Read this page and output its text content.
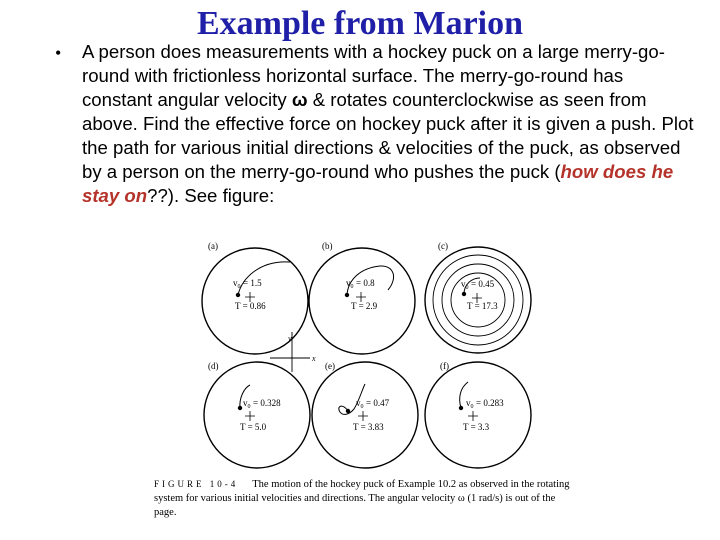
Example from Marion
• A person does measurements with a hockey puck on a large merry-go-round with frictionless horizontal surface. The merry-go-round has constant angular velocity ω & rotates counterclockwise as seen from above. Find the effective force on hockey puck after it is given a push. Plot the path for various initial directions & velocities of the puck, as observed by a person on the merry-go-round who pushes the puck (how does he stay on??). See figure:
(a)
$v_0 = 1.5$
T = 0.86
(b)
$v_0 = 0.8$
T = 2.9
(c)
$v_0 = 0.45$
T = 17.3
y
x
(d)
$v_0 = 0.328$
T = 5.0
(e)
$v_0 = 0.47$
T = 3.83
(f)
$v_0 = 0.283$
T = 3.3
FIGURE 10-4 The motion of the hockey puck of Example 10.2 as observed in the rotating system for various initial velocities and directions. The angular velocity ω (1 rad/s) is out of the page.
